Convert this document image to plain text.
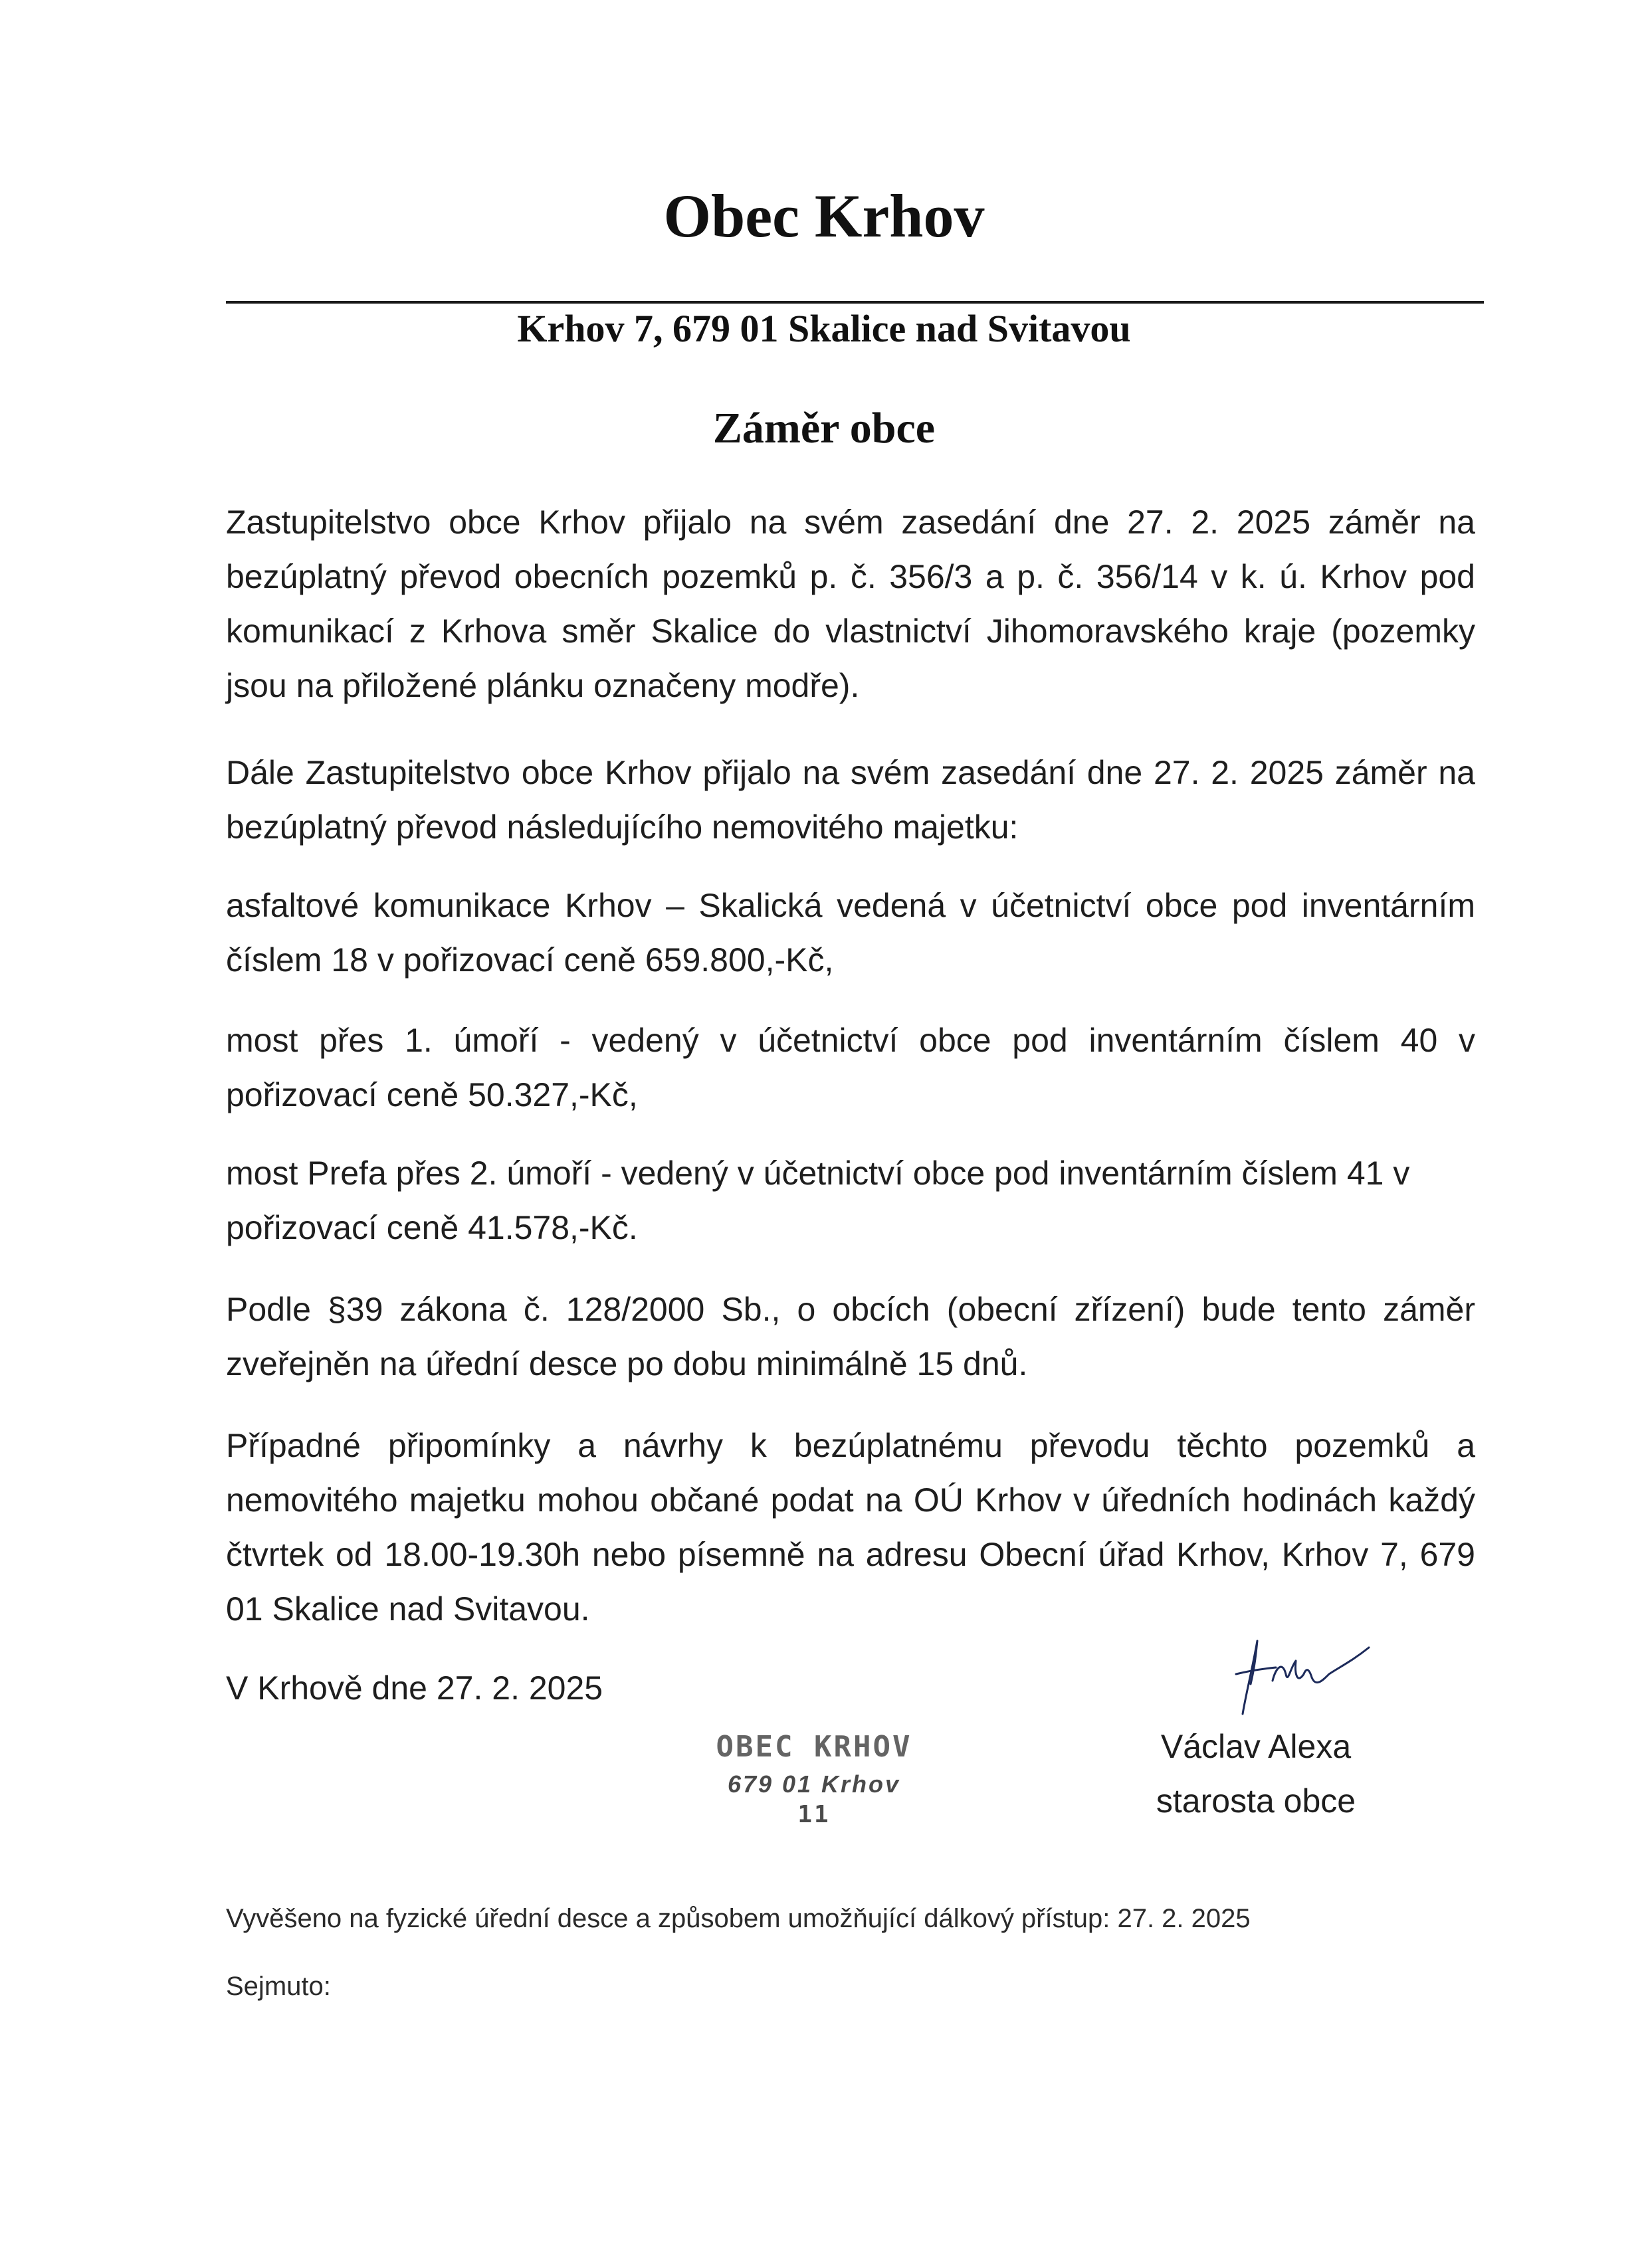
Obec Krhov
Krhov 7, 679 01 Skalice nad Svitavou
Záměr obce

Zastupitelstvo obce Krhov přijalo na svém zasedání dne 27. 2. 2025 záměr na bezúplatný převod obecních pozemků p. č. 356/3 a p. č. 356/14 v k. ú. Krhov pod komunikací z Krhova směr Skalice do vlastnictví Jihomoravského kraje (pozemky jsou na přiložené plánku označeny modře).

Dále Zastupitelstvo obce Krhov přijalo na svém zasedání dne 27. 2. 2025 záměr na bezúplatný převod následujícího nemovitého majetku:

asfaltové komunikace Krhov – Skalická vedená v účetnictví obce pod inventárním číslem 18 v pořizovací ceně 659.800,-Kč,

most přes 1. úmoří - vedený v účetnictví obce pod inventárním číslem 40 v pořizovací ceně 50.327,-Kč,

most Prefa přes 2. úmoří - vedený v účetnictví obce pod inventárním číslem 41 v pořizovací ceně 41.578,-Kč.

Podle §39 zákona č. 128/2000 Sb., o obcích (obecní zřízení) bude tento záměr zveřejněn na úřední desce po dobu minimálně 15 dnů.

Případné připomínky a návrhy k bezúplatnému převodu těchto pozemků a nemovitého majetku mohou občané podat na OÚ Krhov v úředních hodinách každý čtvrtek od 18.00-19.30h nebo písemně na adresu Obecní úřad Krhov, Krhov 7, 679 01 Skalice nad Svitavou.

V Krhově dne 27. 2. 2025
OBEC KRHOV
679 01 Krhov
11
Václav Alexa
starosta obce
Vyvěšeno na fyzické úřední desce a způsobem umožňující dálkový přístup: 27. 2. 2025
Sejmuto:
